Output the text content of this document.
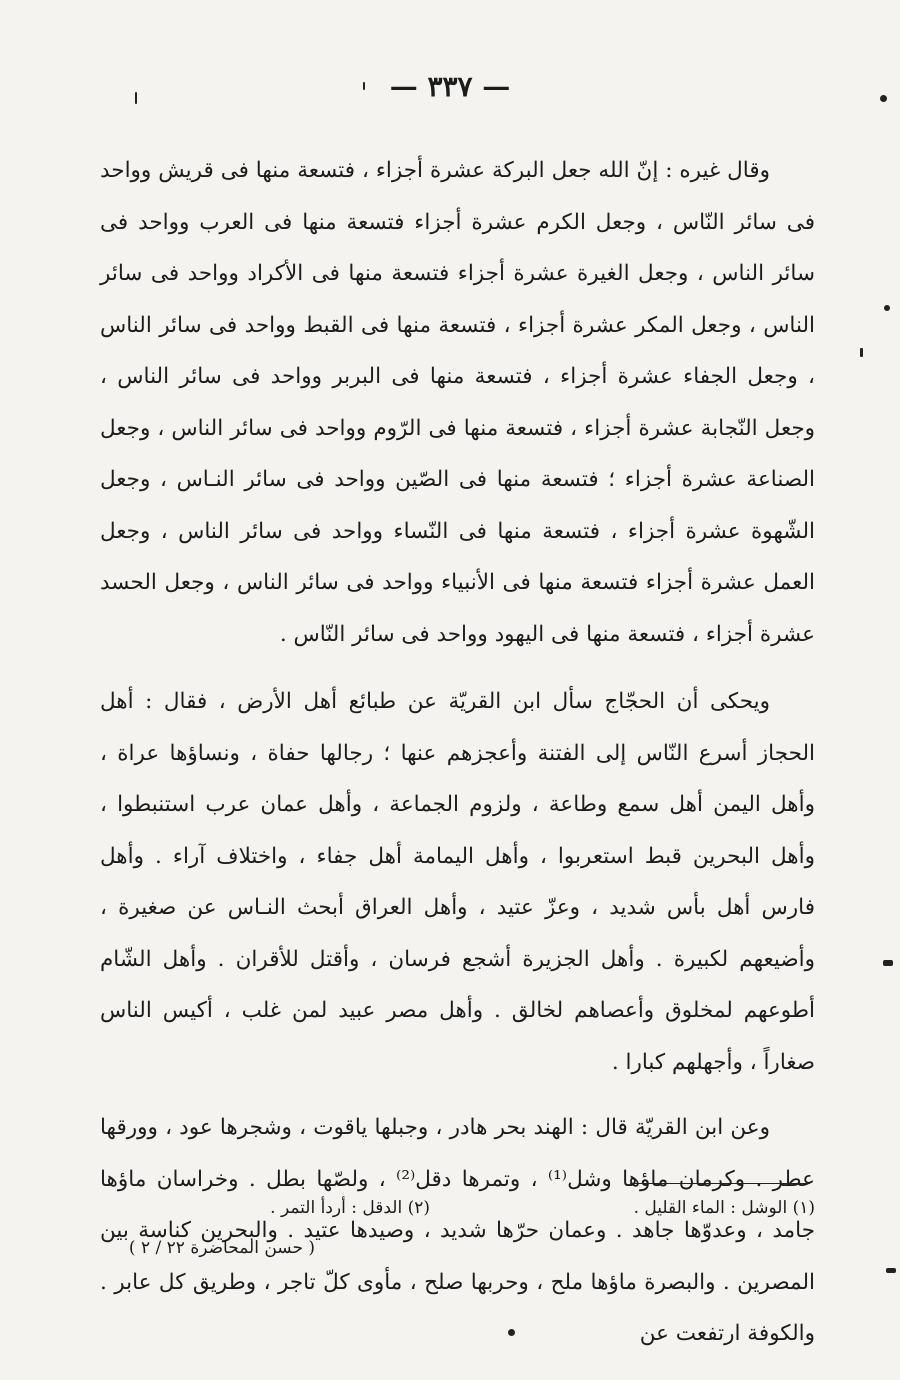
— ٣٣٧ —

وقال غيره : إنّ الله جعل البركة عشرة أجزاء ، فتسعة منها فى قريش وواحد فى سائر النّاس ، وجعل الكرم عشرة أجزاء فتسعة منها فى العرب وواحد فى سائر الناس ، وجعل الغيرة عشرة أجزاء فتسعة منها فى الأكراد وواحد فى سائر الناس ، وجعل المكر عشرة أجزاء ، فتسعة منها فى القبط وواحد فى سائر الناس ، وجعل الجفاء عشرة أجزاء ، فتسعة منها فى البربر وواحد فى سائر الناس ، وجعل النّجابة عشرة أجزاء ، فتسعة منها فى الرّوم وواحد فى سائر الناس ، وجعل الصناعة عشرة أجزاء ؛ فتسعة منها فى الصّين وواحد فى سائر النـاس ، وجعل الشّهوة عشرة أجزاء ، فتسعة منها فى النّساء وواحد فى سائر الناس ، وجعل العمل عشرة أجزاء فتسعة منها فى الأنبياء وواحد فى سائر الناس ، وجعل الحسد عشرة أجزاء ، فتسعة منها فى اليهود وواحد فى سائر النّاس .

ويحكى أن الحجّاج سأل ابن القريّة عن طبائع أهل الأرض ، فقال : أهل الحجاز أسرع النّاس إلى الفتنة وأعجزهم عنها ؛ رجالها حفاة ، ونساؤها عراة ، وأهل اليمن أهل سمع وطاعة ، ولزوم الجماعة ، وأهل عمان عرب استنبطوا ، وأهل البحرين قبط استعربوا ، وأهل اليمامة أهل جفاء ، واختلاف آراء . وأهل فارس أهل بأس شديد ، وعزّ عتيد ، وأهل العراق أبحث النـاس عن صغيرة ، وأضيعهم لكبيرة . وأهل الجزيرة أشجع فرسان ، وأقتل للأقران . وأهل الشّام أطوعهم لمخلوق وأعصاهم لخالق . وأهل مصر عبيد لمن غلب ، أكيس الناس صغاراً ، وأجهلهم كبارا .

وعن ابن القريّة قال : الهند بحر هادر ، وجبلها ياقوت ، وشجرها عود ، وورقها عطر . وكرمان ماؤها وشل⁽¹⁾ ، وتمرها دقل⁽²⁾ ، ولصّها بطل . وخراسان ماؤها جامد ، وعدوّها جاهد . وعمان حرّها شديد ، وصيدها عتيد . والبحرين كناسة بين المصرين . والبصرة ماؤها ملح ، وحربها صلح ، مأوى كلّ تاجر ، وطريق كل عابر . والكوفة ارتفعت عن

(١) الوشل : الماء القليل .
(٢) الدقل : أردأ التمر .
( حسن المحاضرة ٢٢ / ٢ )
